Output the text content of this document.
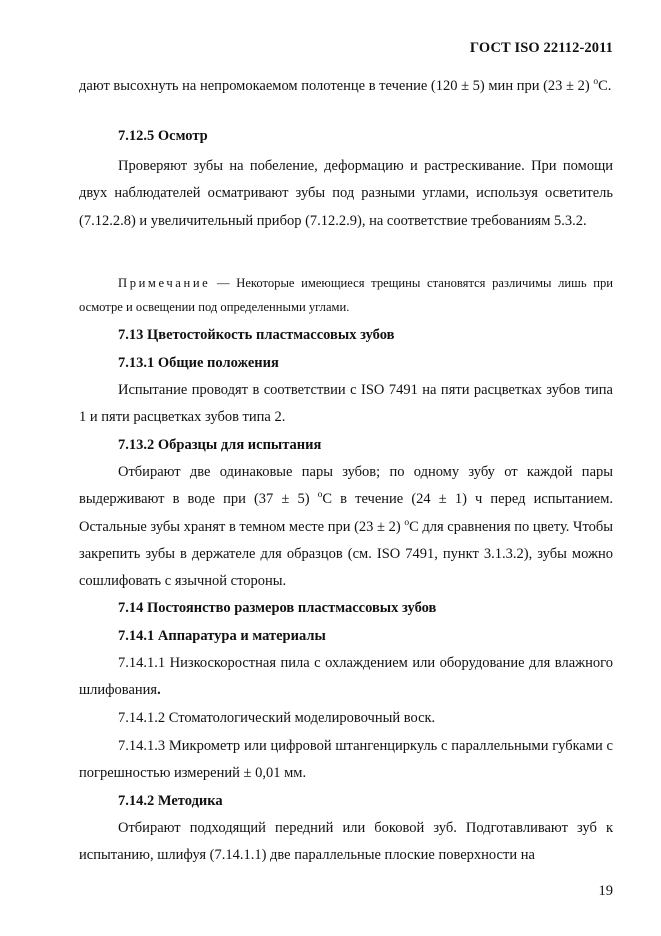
ГОСТ ISO 22112-2011

дают высохнуть на непромокаемом полотенце в течение (120 ± 5) мин при (23 ± 2) $^о$С.

7.12.5 Осмотр

Проверяют зубы на побеление, деформацию и растрескивание. При помощи двух наблюдателей осматривают зубы под разными углами, используя осветитель (7.12.2.8) и увеличительный прибор (7.12.2.9), на соответствие требованиям 5.3.2.

Примечание — Некоторые имеющиеся трещины становятся различимы лишь при осмотре и освещении под определенными углами.

7.13 Цветостойкость пластмассовых зубов
7.13.1 Общие положения

Испытание проводят в соответствии с ISO 7491 на пяти расцветках зубов типа 1 и пяти расцветках зубов типа 2.

7.13.2 Образцы для испытания

Отбирают две одинаковые пары зубов; по одному зубу от каждой пары выдерживают в воде при (37 ± 5) $^о$С в течение (24 ± 1) ч перед испытанием. Остальные зубы хранят в темном месте при (23 ± 2) $^о$С для сравнения по цвету. Чтобы закрепить зубы в держателе для образцов (см. ISO 7491, пункт 3.1.3.2), зубы можно сошлифовать с язычной стороны.

7.14 Постоянство размеров пластмассовых зубов
7.14.1 Аппаратура и материалы

7.14.1.1 Низкоскоростная пила с охлаждением или оборудование для влажного шлифования.

7.14.1.2 Стоматологический моделировочный воск.

7.14.1.3 Микрометр или цифровой штангенциркуль с параллельными губками с погрешностью измерений ± 0,01 мм.

7.14.2 Методика

Отбирают подходящий передний или боковой зуб. Подготавливают зуб к испытанию, шлифуя (7.14.1.1) две параллельные плоские поверхности на

19
